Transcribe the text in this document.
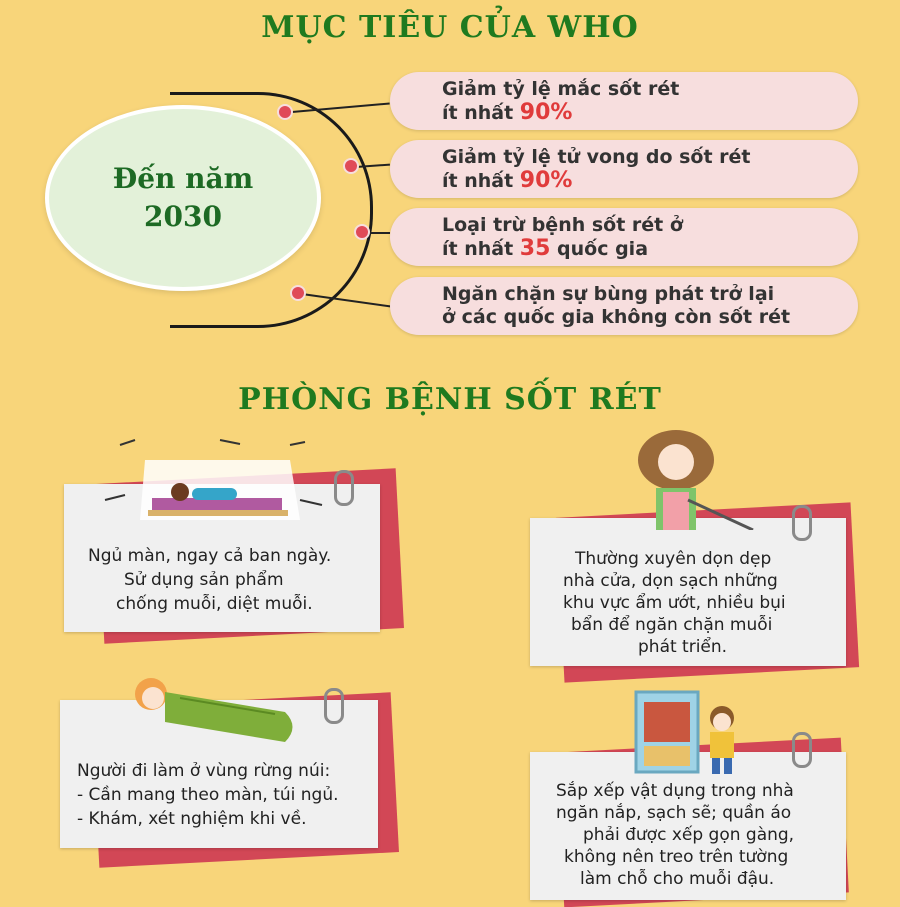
MỤC TIÊU CỦA WHO
Đến năm
2030

Giảm tỷ lệ mắc sốt rét
ít nhất 90%

Giảm tỷ lệ tử vong do sốt rét
ít nhất 90%

Loại trừ bệnh sốt rét ở
ít nhất 35 quốc gia

Ngăn chặn sự bùng phát trở lại
ở các quốc gia không còn sốt rét

PHÒNG BỆNH SỐT RÉT
Ngủ màn, ngay cả ban ngày.
Sử dụng sản phẩm
chống muỗi, diệt muỗi.
Thường xuyên dọn dẹp
nhà cửa, dọn sạch những
khu vực ẩm ướt, nhiều bụi
bẩn để ngăn chặn muỗi
phát triển.
Người đi làm ở vùng rừng núi:
- Cần mang theo màn, túi ngủ.
- Khám, xét nghiệm khi về.
Sắp xếp vật dụng trong nhà
ngăn nắp, sạch sẽ; quần áo
phải được xếp gọn gàng,
không nên treo trên tường
làm chỗ cho muỗi đậu.
